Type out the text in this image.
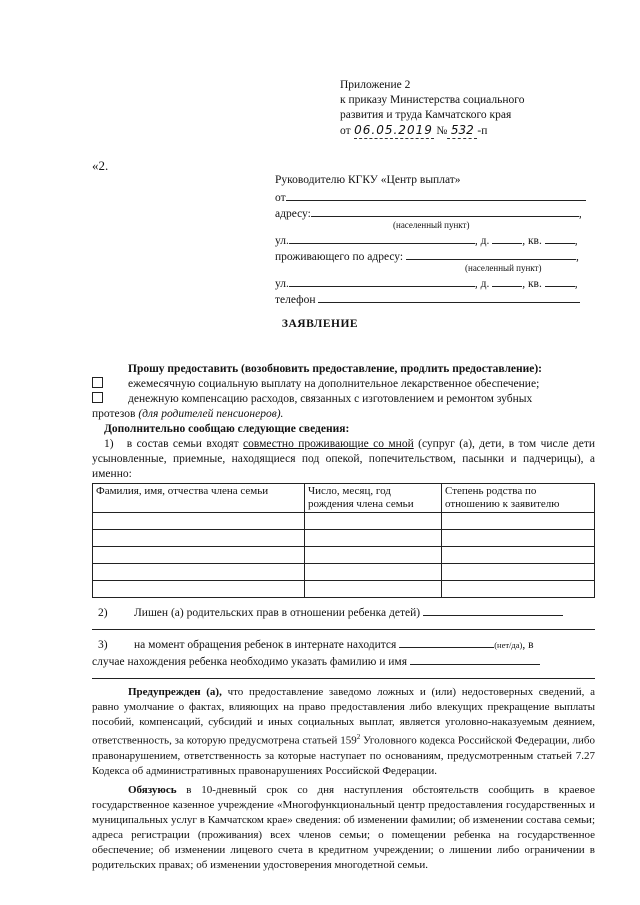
Приложение 2
к приказу Министерства социального
развития и труда Камчатского края
от 06.05.2019 № 532 -п
«2.
Руководителю КГКУ «Центр выплат»
от
адресу:	,
(населенный пункт)
ул.	, д.	, кв.	,
проживающего по адресу:	,
(населенный пункт)
ул.	, д.	, кв.	,
телефон
ЗАЯВЛЕНИЕ
Прошу предоставить (возобновить предоставление, продлить предоставление):
ежемесячную социальную выплату на дополнительное лекарственное обеспечение;
денежную компенсацию расходов, связанных с изготовлением и ремонтом зубных
протезов (для родителей пенсионеров).
Дополнительно сообщаю следующие сведения:
1) в состав семьи входят совместно проживающие со мной (супруг (а), дети, в том числе дети усыновленные, приемные, находящиеся под опекой, попечительством, пасынки и падчерицы), а именно:
Фамилия, имя, отчества члена семьи	Число, месяц, год рождения члена семьи	Степень родства по отношению к заявителю

2) Лишен (а) родительских прав в отношении ребенка детей)
3) на момент обращения ребенок в интернате находится	(нет/да), в
случае нахождения ребенка необходимо указать фамилию и имя
Предупрежден (а), что предоставление заведомо ложных и (или) недостоверных сведений, а равно умолчание о фактах, влияющих на право предоставления либо влекущих прекращение выплаты пособий, компенсаций, субсидий и иных социальных выплат, является уголовно-наказуемым деянием, ответственность, за которую предусмотрена статьей $159^2$ Уголовного кодекса Российской Федерации, либо правонарушением, ответственность за которые наступает по основаниям, предусмотренным статьей 7.27 Кодекса об административных правонарушениях Российской Федерации.
Обязуюсь в 10-дневный срок со дня наступления обстоятельств сообщить в краевое государственное казенное учреждение «Многофункциональный центр предоставления государственных и муниципальных услуг в Камчатском крае» сведения: об изменении фамилии; об изменении состава семьи; адреса регистрации (проживания) всех членов семьи; о помещении ребенка на государственное обеспечение; об изменении лицевого счета в кредитном учреждении; о лишении либо ограничении в родительских правах; об изменении удостоверения многодетной семьи.
